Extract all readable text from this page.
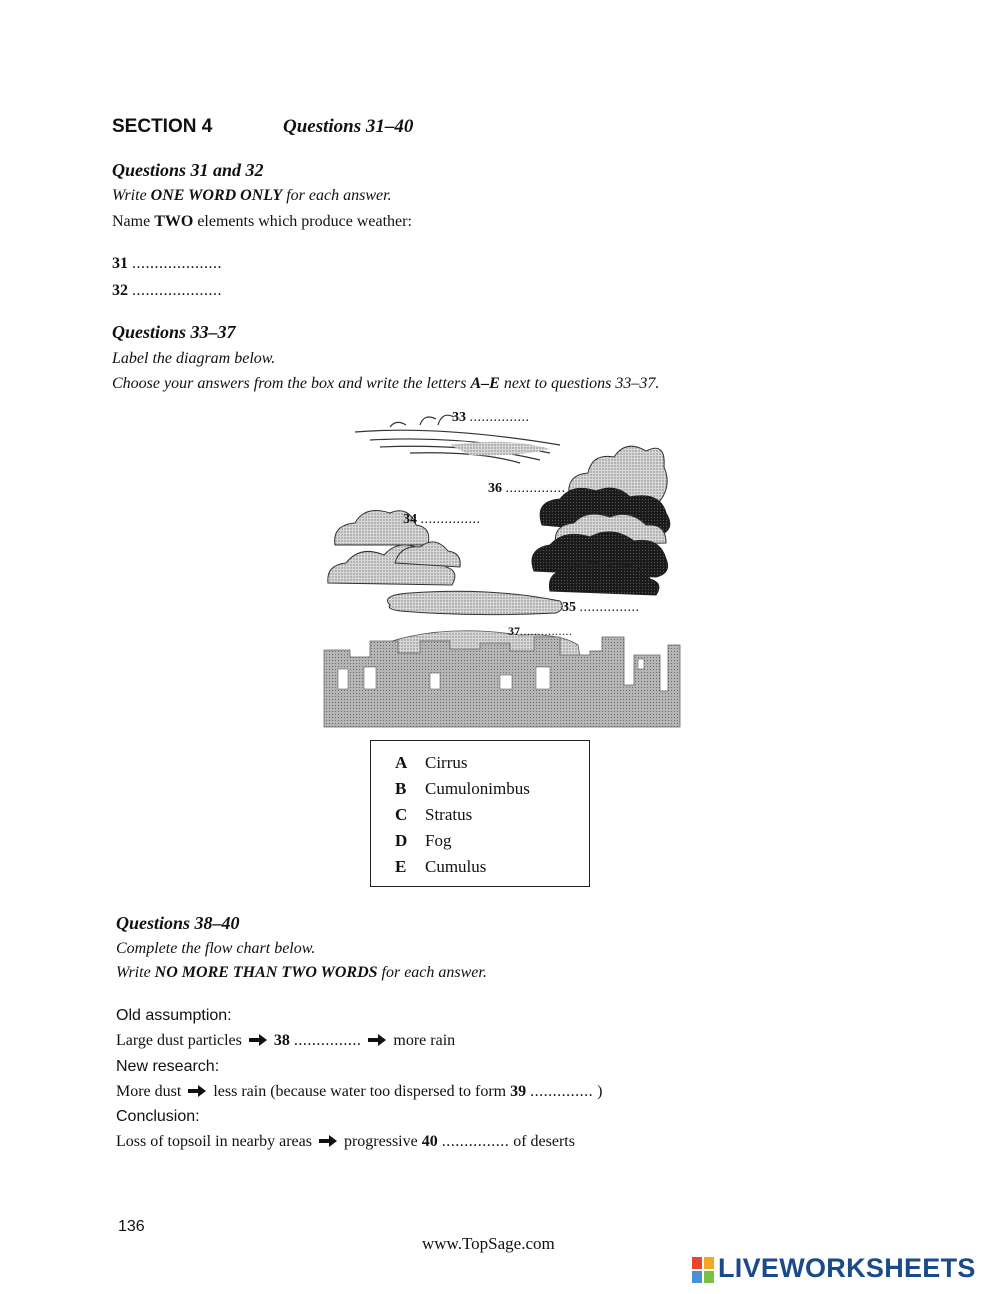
SECTION 4	Questions 31–40
Questions 31 and 32
Write ONE WORD ONLY for each answer.
Name TWO elements which produce weather:
31 ....................
32 ....................
Questions 33–37
Label the diagram below.
Choose your answers from the box and write the letters A–E next to questions 33–37.
33 ...............
36 ...............
34 ...............
35 ...............
37...............
A Cirrus
B Cumulonimbus
C Stratus
D Fog
E Cumulus
Questions 38–40
Complete the flow chart below.
Write NO MORE THAN TWO WORDS for each answer.
Old assumption:
Large dust particles 38 ............... more rain
New research:
More dust less rain (because water too dispersed to form 39 .............. )
Conclusion:
Loss of topsoil in nearby areas progressive 40 ............... of deserts
136
www.TopSage.com
LIVEWORKSHEETS
